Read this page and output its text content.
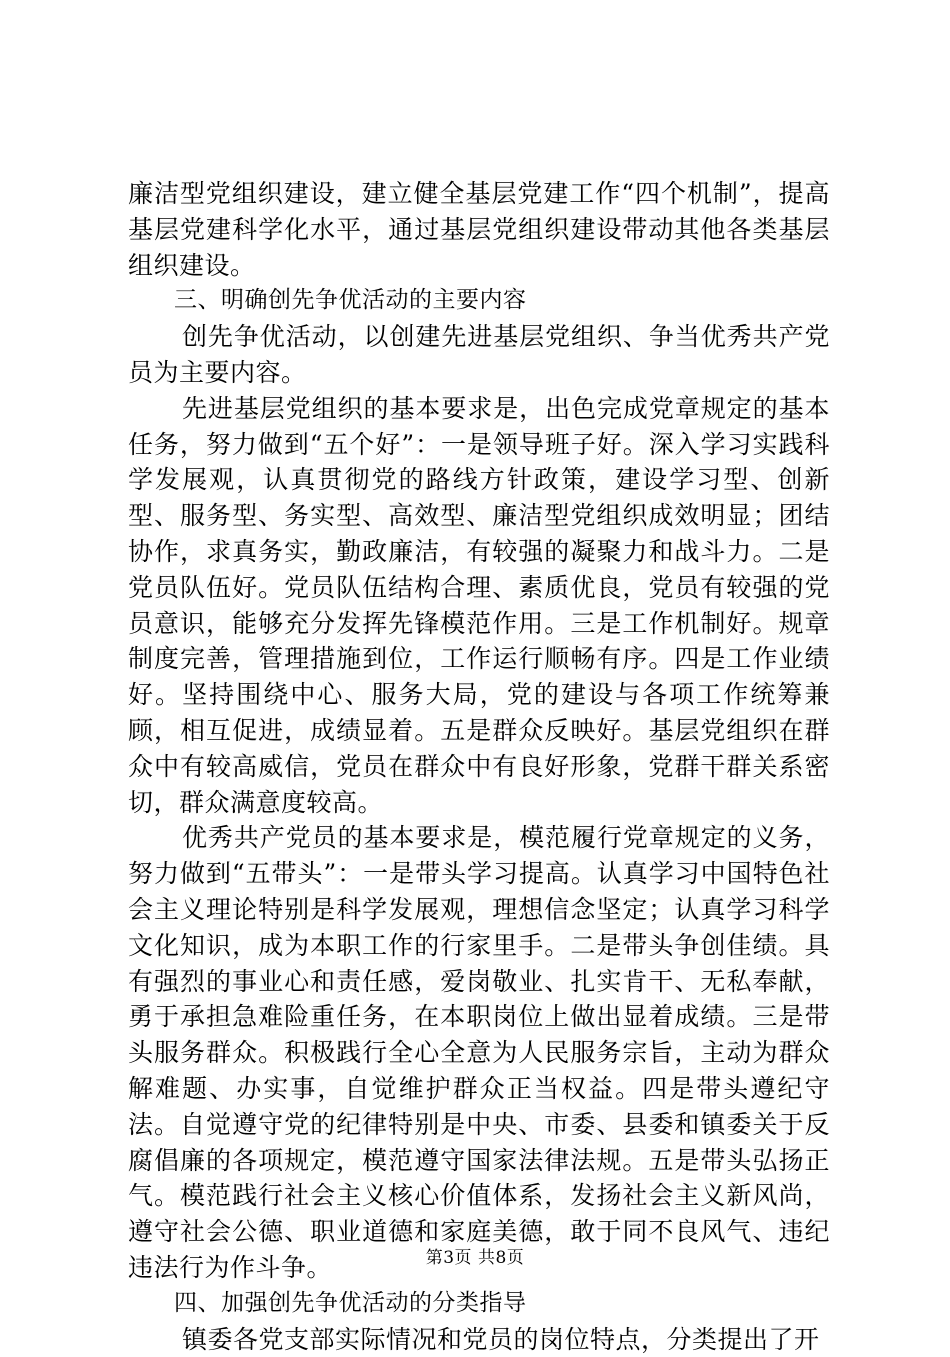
廉洁型党组织建设，建立健全基层党建工作“四个机制”，提高基层党建科学化水平，通过基层党组织建设带动其他各类基层组织建设。

三、明确创先争优活动的主要内容

创先争优活动，以创建先进基层党组织、争当优秀共产党员为主要内容。

先进基层党组织的基本要求是，出色完成党章规定的基本任务，努力做到“五个好”：一是领导班子好。深入学习实践科学发展观，认真贯彻党的路线方针政策，建设学习型、创新型、服务型、务实型、高效型、廉洁型党组织成效明显；团结协作，求真务实，勤政廉洁，有较强的凝聚力和战斗力。二是党员队伍好。党员队伍结构合理、素质优良，党员有较强的党员意识，能够充分发挥先锋模范作用。三是工作机制好。规章制度完善，管理措施到位，工作运行顺畅有序。四是工作业绩好。坚持围绕中心、服务大局，党的建设与各项工作统筹兼顾，相互促进，成绩显着。五是群众反映好。基层党组织在群众中有较高威信，党员在群众中有良好形象，党群干群关系密切，群众满意度较高。

优秀共产党员的基本要求是，模范履行党章规定的义务，努力做到“五带头”：一是带头学习提高。认真学习中国特色社会主义理论特别是科学发展观，理想信念坚定；认真学习科学文化知识，成为本职工作的行家里手。二是带头争创佳绩。具有强烈的事业心和责任感，爱岗敬业、扎实肯干、无私奉献，勇于承担急难险重任务，在本职岗位上做出显着成绩。三是带头服务群众。积极践行全心全意为人民服务宗旨，主动为群众解难题、办实事，自觉维护群众正当权益。四是带头遵纪守法。自觉遵守党的纪律特别是中央、市委、县委和镇委关于反腐倡廉的各项规定，模范遵守国家法律法规。五是带头弘扬正气。模范践行社会主义核心价值体系，发扬社会主义新风尚，遵守社会公德、职业道德和家庭美德，敢于同不良风气、违纪违法行为作斗争。

四、加强创先争优活动的分类指导

镇委各党支部实际情况和党员的岗位特点，分类提出了开

第3页 共8页
